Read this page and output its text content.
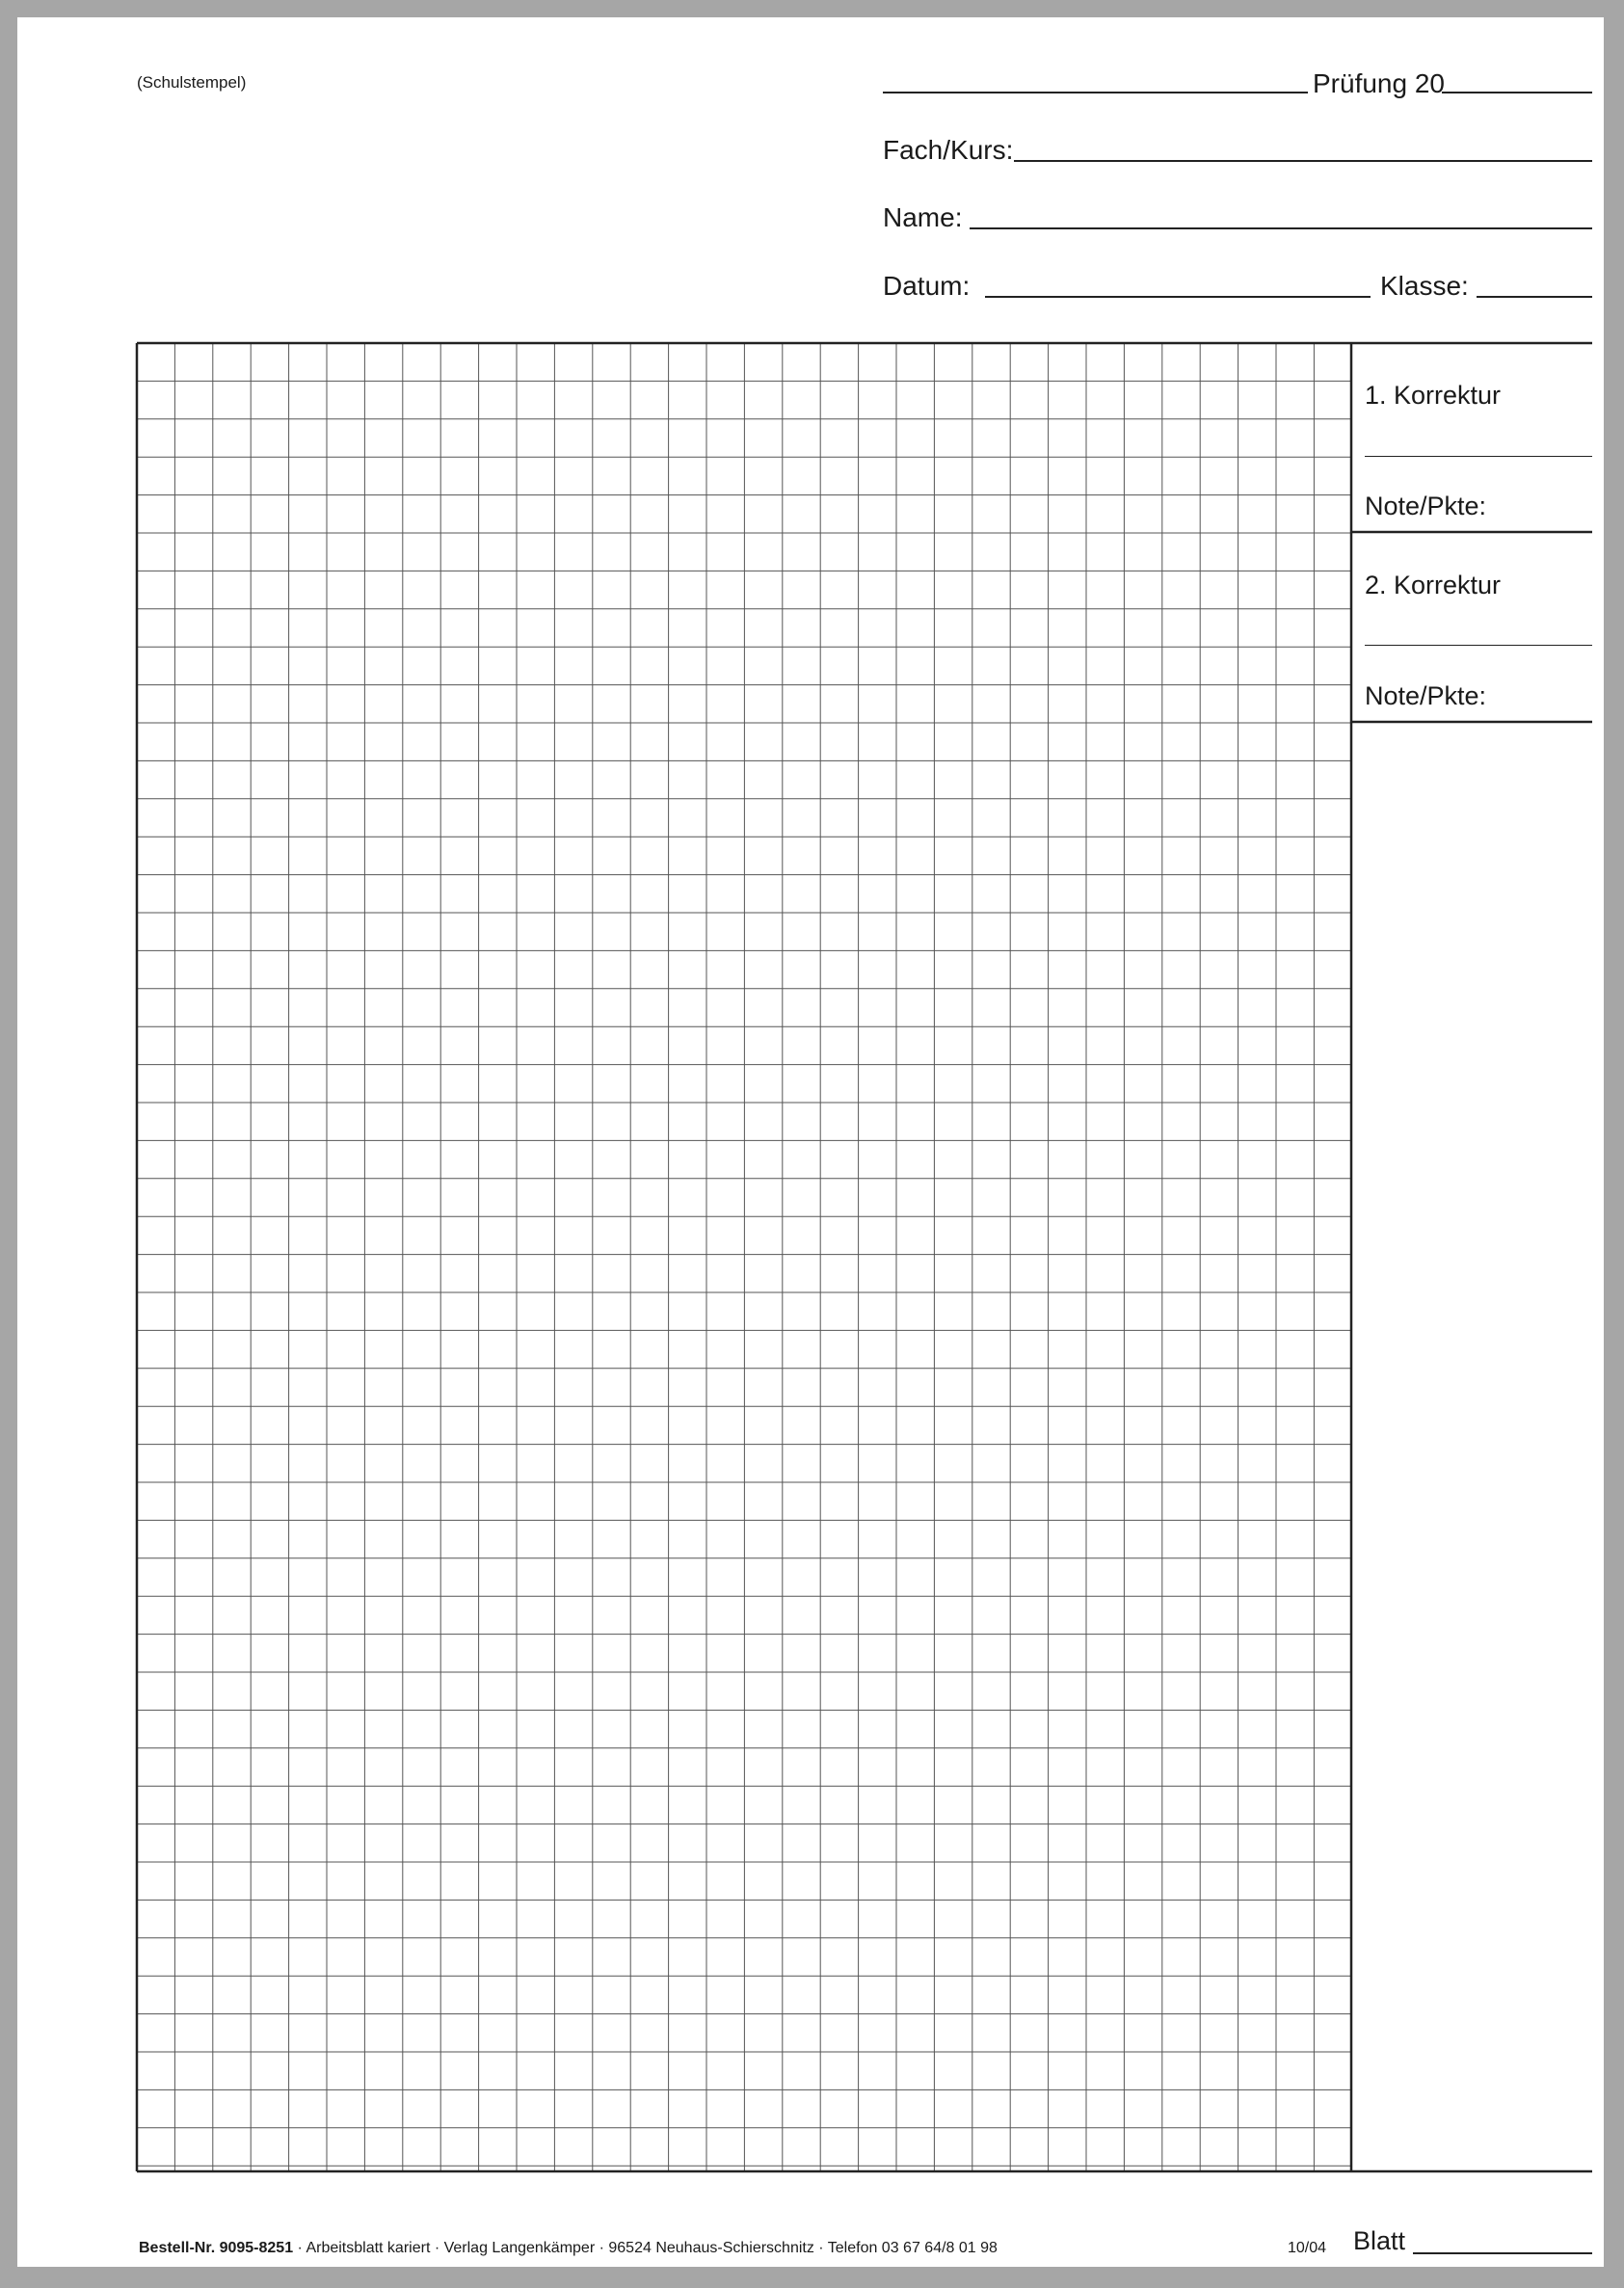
(Schulstempel)	Prüfung 20
Fach/Kurs:
Name:
Datum:	Klasse:
1. Korrektur
Note/Pkte:
2. Korrektur
Note/Pkte:
Bestell-Nr. 9095-8251 · Arbeitsblatt kariert · Verlag Langenkämper · 96524 Neuhaus-Schierschnitz · Telefon 03 67 64/8 01 98	10/04 Blatt
